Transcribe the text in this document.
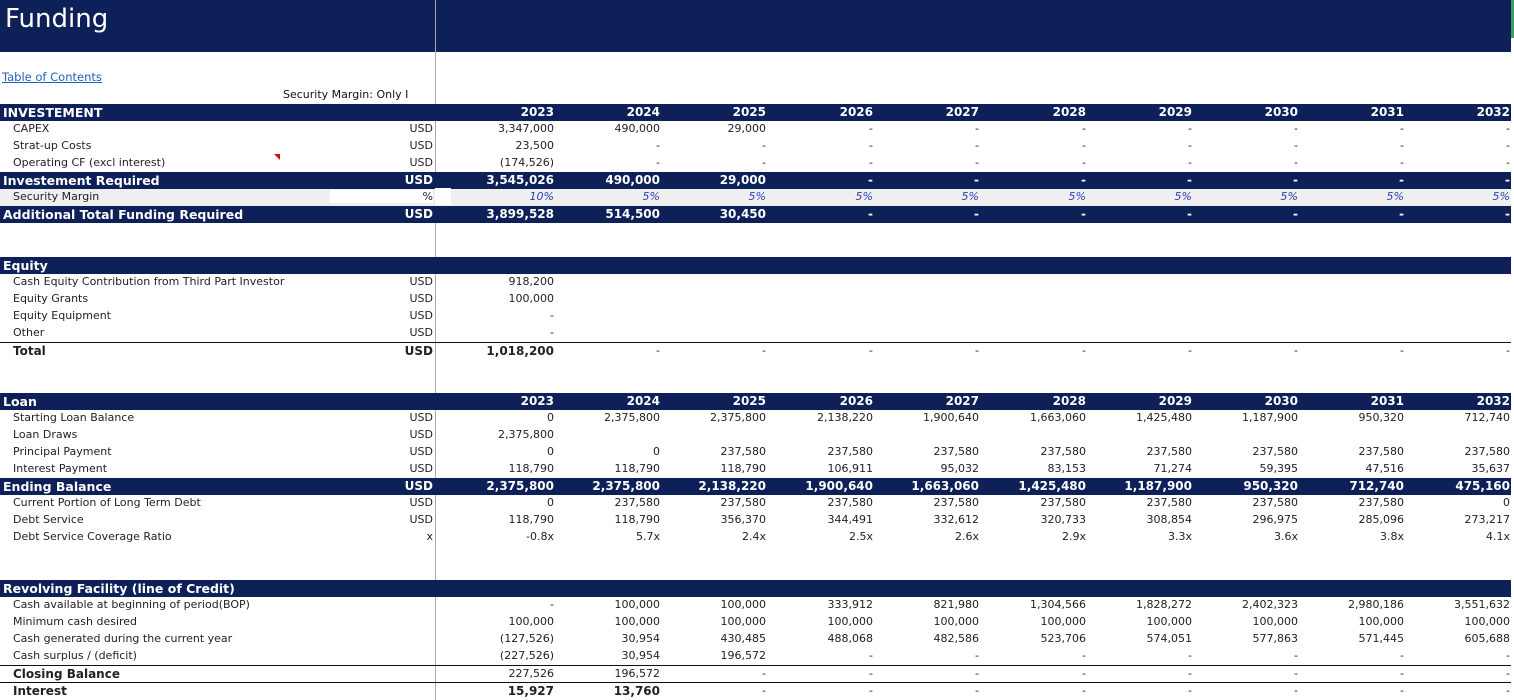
Funding
Table of Contents
Security Margin: Only I
INVESTEMENT	2023	2024	2025	2026	2027	2028	2029	2030	2031	2032
CAPEX	USD	3,347,000	490,000	29,000	-	-	-	-	-	-	-
Strat-up Costs	USD	23,500	-	-	-	-	-	-	-	-	-
Operating CF (excl interest)	USD	(174,526)	-	-	-	-	-	-	-	-	-
Investement Required	USD	3,545,026	490,000	29,000	-	-	-	-	-	-	-
Security Margin	%	10%	5%	5%	5%	5%	5%	5%	5%	5%	5%
Additional Total Funding Required	USD	3,899,528	514,500	30,450	-	-	-	-	-	-	-
Equity
Cash Equity Contribution from Third Part Investor	USD	918,200
Equity Grants	USD	100,000
Equity Equipment	USD	-
Other	USD	-
Total	USD	1,018,200	-	-	-	-	-	-	-	-	-
Loan	2023	2024	2025	2026	2027	2028	2029	2030	2031	2032
Starting Loan Balance	USD	0	2,375,800	2,375,800	2,138,220	1,900,640	1,663,060	1,425,480	1,187,900	950,320	712,740
Loan Draws	USD	2,375,800
Principal Payment	USD	0	0	237,580	237,580	237,580	237,580	237,580	237,580	237,580	237,580
Interest Payment	USD	118,790	118,790	118,790	106,911	95,032	83,153	71,274	59,395	47,516	35,637
Ending Balance	USD	2,375,800	2,375,800	2,138,220	1,900,640	1,663,060	1,425,480	1,187,900	950,320	712,740	475,160
Current Portion of Long Term Debt	USD	0	237,580	237,580	237,580	237,580	237,580	237,580	237,580	237,580	0
Debt Service	USD	118,790	118,790	356,370	344,491	332,612	320,733	308,854	296,975	285,096	273,217
Debt Service Coverage Ratio	x	-0.8x	5.7x	2.4x	2.5x	2.6x	2.9x	3.3x	3.6x	3.8x	4.1x
Revolving Facility (line of Credit)
Cash available at beginning of period(BOP)	-	100,000	100,000	333,912	821,980	1,304,566	1,828,272	2,402,323	2,980,186	3,551,632
Minimum cash desired	100,000	100,000	100,000	100,000	100,000	100,000	100,000	100,000	100,000	100,000
Cash generated during the current year	(127,526)	30,954	430,485	488,068	482,586	523,706	574,051	577,863	571,445	605,688
Cash surplus / (deficit)	(227,526)	30,954	196,572	-	-	-	-	-	-	-
Closing Balance	227,526	196,572	-	-	-	-	-	-	-	-
Interest	15,927	13,760	-	-	-	-	-	-	-	-
